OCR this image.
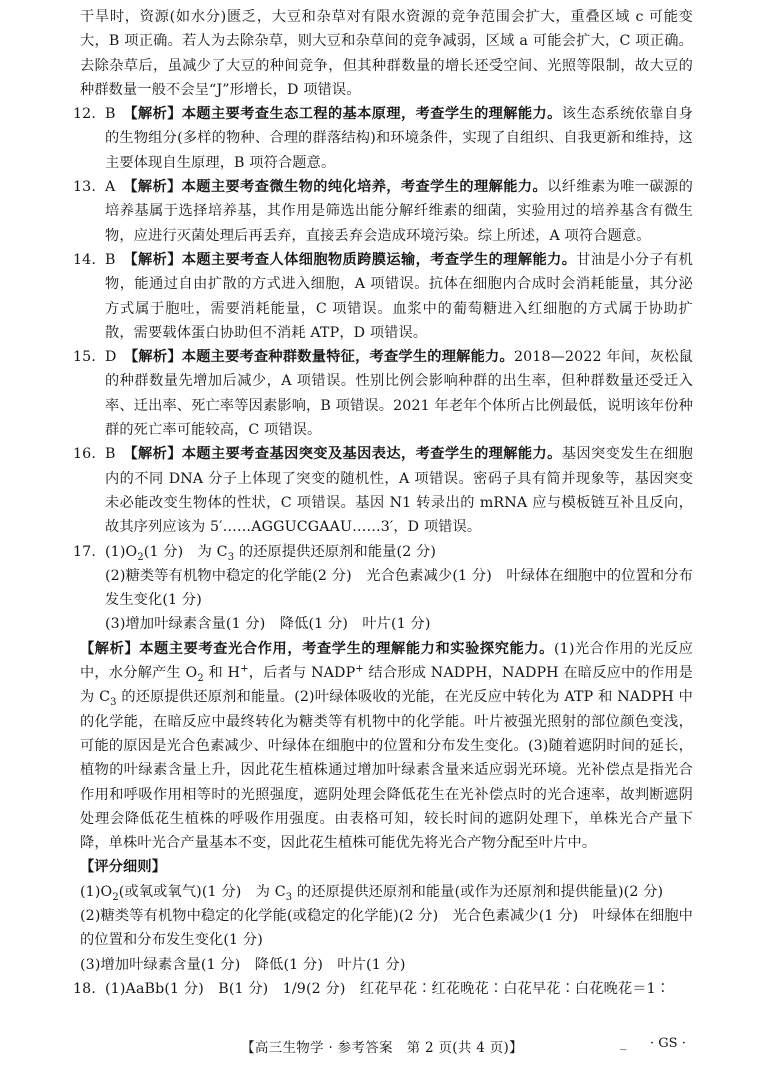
干旱时，资源(如水分)匮乏，大豆和杂草对有限水资源的竞争范围会扩大，重叠区域 c 可能变大，B 项正确。若人为去除杂草，则大豆和杂草间的竞争减弱，区域 a 可能会扩大，C 项正确。去除杂草后，虽减少了大豆的种间竞争，但其种群数量的增长还受空间、光照等限制，故大豆的种群数量一般不会呈“J”形增长，D 项错误。

12. B　 【解析】本题主要考查生态工程的基本原理，考查学生的理解能力。该生态系统依靠自身的生物组分(多样的物种、合理的群落结构)和环境条件，实现了自组织、自我更新和维持，这主要体现自生原理，B 项符合题意。

13. A　 【解析】本题主要考查微生物的纯化培养，考查学生的理解能力。以纤维素为唯一碳源的培养基属于选择培养基，其作用是筛选出能分解纤维素的细菌，实验用过的培养基含有微生物，应进行灭菌处理后再丢弃，直接丢弃会造成环境污染。综上所述，A 项符合题意。

14. B　 【解析】本题主要考查人体细胞物质跨膜运输，考查学生的理解能力。甘油是小分子有机物，能通过自由扩散的方式进入细胞，A 项错误。抗体在细胞内合成时会消耗能量，其分泌方式属于胞吐，需要消耗能量，C 项错误。血浆中的葡萄糖进入红细胞的方式属于协助扩散，需要载体蛋白协助但不消耗 ATP，D 项错误。

15. D　 【解析】本题主要考查种群数量特征，考查学生的理解能力。2018—2022 年间，灰松鼠的种群数量先增加后减少，A 项错误。性别比例会影响种群的出生率，但种群数量还受迁入率、迁出率、死亡率等因素影响，B 项错误。2021 年老年个体所占比例最低，说明该年份种群的死亡率可能较高，C 项错误。

16. B　 【解析】本题主要考查基因突变及基因表达，考查学生的理解能力。基因突变发生在细胞内的不同 DNA 分子上体现了突变的随机性，A 项错误。密码子具有简并现象等，基因突变未必能改变生物体的性状，C 项错误。基因 N1 转录出的 mRNA 应与模板链互补且反向，故其序列应该为 5′……AGGUCGAAU……3′，D 项错误。

17. $(1)O_2(1$ 分)　为 $C_3$ 的还原提供还原剂和能量(2 分)

(2)糖类等有机物中稳定的化学能(2 分)　光合色素减少(1 分)　叶绿体在细胞中的位置和分布发生变化(1 分)

(3)增加叶绿素含量(1 分)　降低(1 分)　叶片(1 分)

【解析】本题主要考查光合作用，考查学生的理解能力和实验探究能力。(1)光合作用的光反应中，水分解产生 $O_2$ 和 H+，后者与 NADP+ 结合形成 NADPH，NADPH 在暗反应中的作用是为 $C_3$ 的还原提供还原剂和能量。(2)叶绿体吸收的光能，在光反应中转化为 ATP 和 NADPH 中的化学能，在暗反应中最终转化为糖类等有机物中的化学能。叶片被强光照射的部位颜色变浅，可能的原因是光合色素减少、叶绿体在细胞中的位置和分布发生变化。(3)随着遮阴时间的延长，植物的叶绿素含量上升，因此花生植株通过增加叶绿素含量来适应弱光环境。光补偿点是指光合作用和呼吸作用相等时的光照强度，遮阴处理会降低花生在光补偿点时的光合速率，故判断遮阴处理会降低花生植株的呼吸作用强度。由表格可知，较长时间的遮阴处理下，单株光合产量下降，单株叶光合产量基本不变，因此花生植株可能优先将光合产物分配至叶片中。

【评分细则】

$(1)O_2$(或氧或氧气)(1 分)　为 $C_3$ 的还原提供还原剂和能量(或作为还原剂和提供能量)(2 分)

(2)糖类等有机物中稳定的化学能(或稳定的化学能)(2 分)　光合色素减少(1 分)　叶绿体在细胞中的位置和分布发生变化(1 分)

(3)增加叶绿素含量(1 分)　降低(1 分)　叶片(1 分)

18. (1)AaBb(1 分)　B(1 分)　1/9(2 分)　红花早花∶红花晚花∶白花早花∶白花晚花＝1∶

【高三生物学 · 参考答案　第 2 页(共 4 页)】	_ · GS ·
